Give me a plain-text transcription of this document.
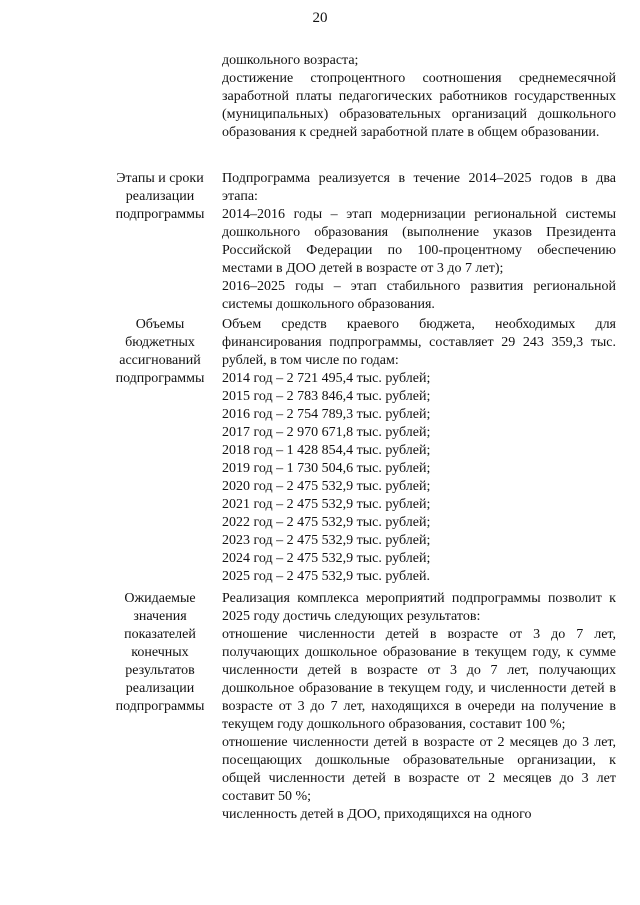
20

дошкольного возраста;

достижение стопроцентного соотношения среднемесячной заработной платы педагогических работников государственных (муниципальных) образовательных организаций дошкольного образования к средней заработной плате в общем образовании.

Этапы и сроки реализации подпрограммы

Подпрограмма реализуется в течение 2014–2025 годов в два этапа:

2014–2016 годы – этап модернизации региональной системы дошкольного образования (выполнение указов Президента Российской Федерации по 100-процентному обеспечению местами в ДОО детей в возрасте от 3 до 7 лет);

2016–2025 годы – этап стабильного развития региональной системы дошкольного образования.

Объемы бюджетных ассигнований подпрограммы

Объем средств краевого бюджета, необходимых для финансирования подпрограммы, составляет 29 243 359,3 тыс. рублей, в том числе по годам:

2014 год – 2 721 495,4 тыс. рублей;
2015 год – 2 783 846,4 тыс. рублей;
2016 год – 2 754 789,3 тыс. рублей;
2017 год – 2 970 671,8 тыс. рублей;
2018 год – 1 428 854,4 тыс. рублей;
2019 год – 1 730 504,6 тыс. рублей;
2020 год – 2 475 532,9 тыс. рублей;
2021 год – 2 475 532,9 тыс. рублей;
2022 год – 2 475 532,9 тыс. рублей;
2023 год – 2 475 532,9 тыс. рублей;
2024 год – 2 475 532,9 тыс. рублей;
2025 год – 2 475 532,9 тыс. рублей.
Ожидаемые значения показателей конечных результатов реализации подпрограммы

Реализация комплекса мероприятий подпрограммы позволит к 2025 году достичь следующих результатов:

отношение численности детей в возрасте от 3 до 7 лет, получающих дошкольное образование в текущем году, к сумме численности детей в возрасте от 3 до 7 лет, получающих дошкольное образование в текущем году, и численности детей в возрасте от 3 до 7 лет, находящихся в очереди на получение в текущем году дошкольного образования, составит 100 %;

отношение численности детей в возрасте от 2 месяцев до 3 лет, посещающих дошкольные образовательные организации, к общей численности детей в возрасте от 2 месяцев до 3 лет составит 50 %;

численность детей в ДОО, приходящихся на одного
